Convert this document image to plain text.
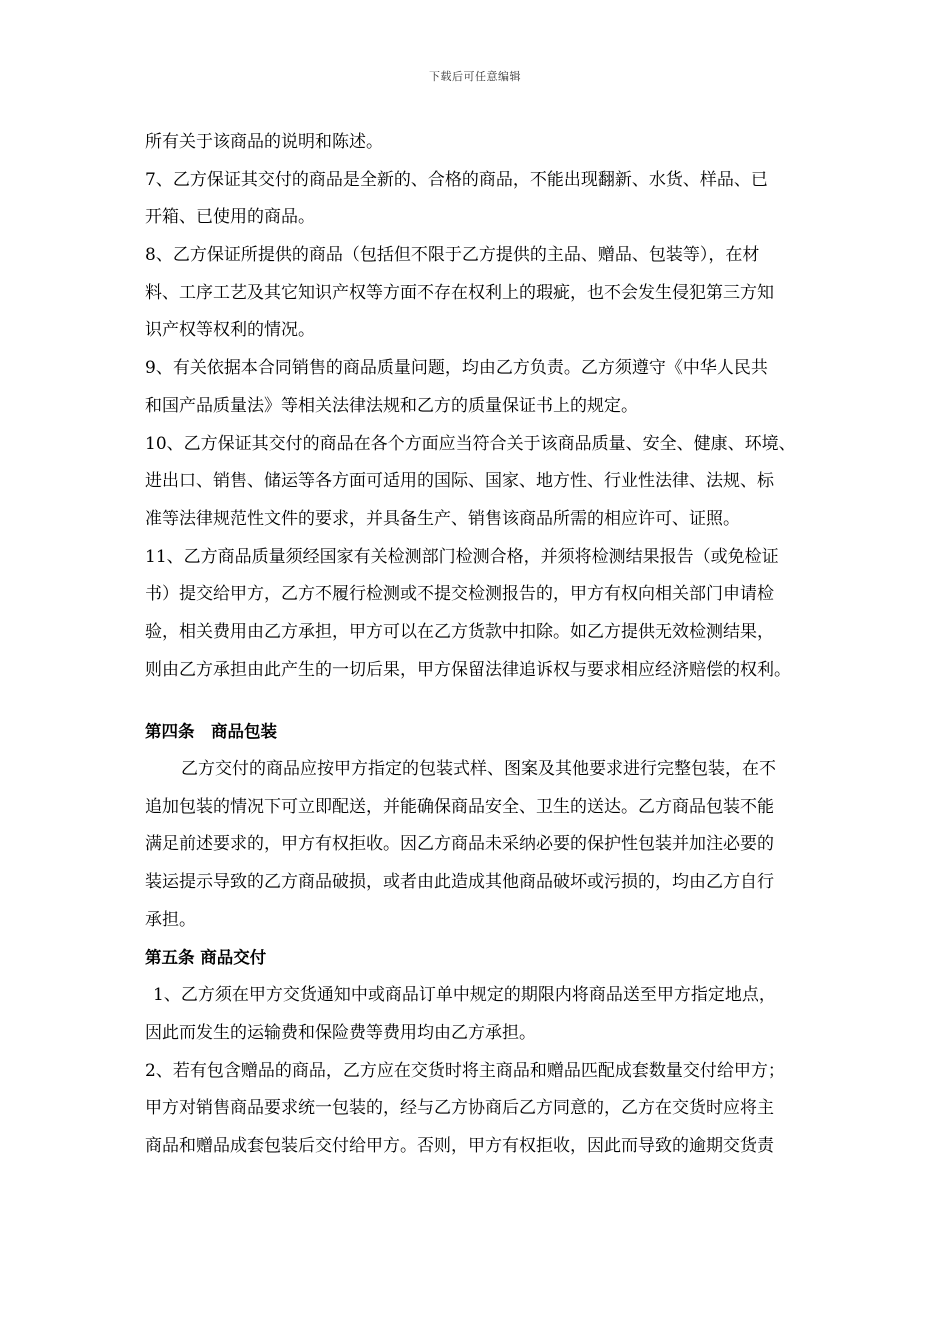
下载后可任意编辑
所有关于该商品的说明和陈述。
7、乙方保证其交付的商品是全新的、合格的商品，不能出现翻新、水货、样品、已
开箱、已使用的商品。
8、乙方保证所提供的商品（包括但不限于乙方提供的主品、赠品、包装等），在材
料、工序工艺及其它知识产权等方面不存在权利上的瑕疵，也不会发生侵犯第三方知
识产权等权利的情况。
9、有关依据本合同销售的商品质量问题，均由乙方负责。乙方须遵守《中华人民共
和国产品质量法》等相关法律法规和乙方的质量保证书上的规定。
10、乙方保证其交付的商品在各个方面应当符合关于该商品质量、安全、健康、环境、
进出口、销售、储运等各方面可适用的国际、国家、地方性、行业性法律、法规、标
准等法律规范性文件的要求，并具备生产、销售该商品所需的相应许可、证照。
11、乙方商品质量须经国家有关检测部门检测合格，并须将检测结果报告（或免检证
书）提交给甲方，乙方不履行检测或不提交检测报告的，甲方有权向相关部门申请检
验，相关费用由乙方承担，甲方可以在乙方货款中扣除。如乙方提供无效检测结果，
则由乙方承担由此产生的一切后果，甲方保留法律追诉权与要求相应经济赔偿的权利。
第四条　商品包装
乙方交付的商品应按甲方指定的包装式样、图案及其他要求进行完整包装，在不
追加包装的情况下可立即配送，并能确保商品安全、卫生的送达。乙方商品包装不能
满足前述要求的，甲方有权拒收。因乙方商品未采纳必要的保护性包装并加注必要的
装运提示导致的乙方商品破损，或者由此造成其他商品破坏或污损的，均由乙方自行
承担。
第五条 商品交付
1、乙方须在甲方交货通知中或商品订单中规定的期限内将商品送至甲方指定地点，
因此而发生的运输费和保险费等费用均由乙方承担。
2、若有包含赠品的商品，乙方应在交货时将主商品和赠品匹配成套数量交付给甲方；
甲方对销售商品要求统一包装的，经与乙方协商后乙方同意的，乙方在交货时应将主
商品和赠品成套包装后交付给甲方。否则，甲方有权拒收，因此而导致的逾期交货责
